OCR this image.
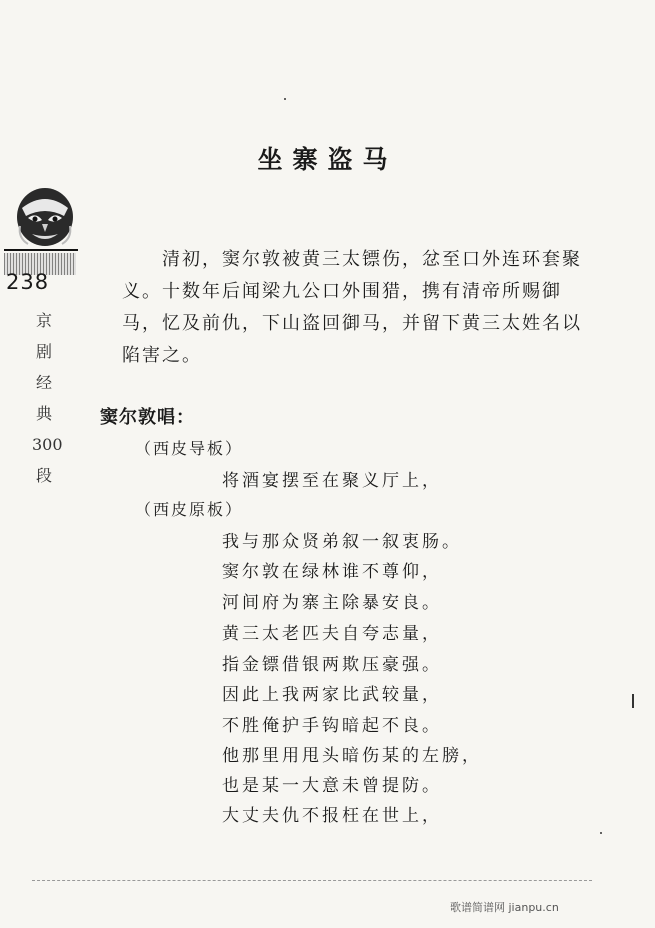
坐寨盗马
238
京
剧
经
典
300
段

清初，窦尔敦被黄三太镖伤，忿至口外连环套聚义。十数年后闻梁九公口外围猎，携有清帝所赐御马，忆及前仇，下山盗回御马，并留下黄三太姓名以陷害之。

窦尔敦唱：
（西皮导板）
将酒宴摆至在聚义厅上，
（西皮原板）
我与那众贤弟叙一叙衷肠。
窦尔敦在绿林谁不尊仰，
河间府为寨主除暴安良。
黄三太老匹夫自夸志量，
指金镖借银两欺压豪强。
因此上我两家比武较量，
不胜俺护手钩暗起不良。
他那里用甩头暗伤某的左膀，
也是某一大意未曾提防。
大丈夫仇不报枉在世上，
歌谱简谱网 jianpu.cn
